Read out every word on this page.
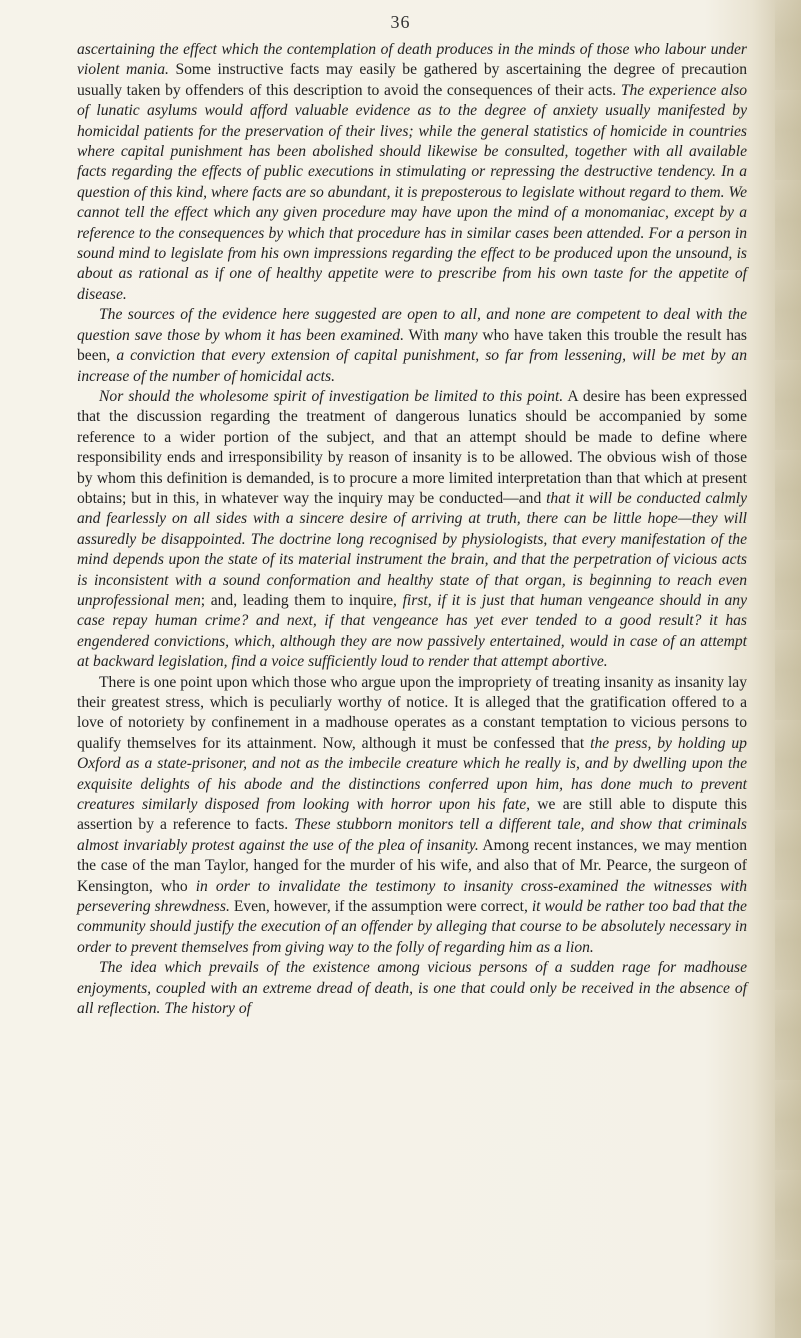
36

ascertaining the effect which the contemplation of death produces in the minds of those who labour under violent mania. Some instructive facts may easily be gathered by ascertaining the degree of precaution usually taken by offenders of this description to avoid the consequences of their acts. The experience also of lunatic asylums would afford valuable evidence as to the degree of anxiety usually manifested by homicidal patients for the preservation of their lives; while the general statistics of homicide in countries where capital punishment has been abolished should likewise be consulted, together with all available facts regarding the effects of public executions in stimulating or repressing the destructive tendency. In a question of this kind, where facts are so abundant, it is preposterous to legislate without regard to them. We cannot tell the effect which any given procedure may have upon the mind of a monomaniac, except by a reference to the consequences by which that procedure has in similar cases been attended. For a person in sound mind to legislate from his own impressions regarding the effect to be produced upon the unsound, is about as rational as if one of healthy appetite were to prescribe from his own taste for the appetite of disease.

The sources of the evidence here suggested are open to all, and none are competent to deal with the question save those by whom it has been examined. With many who have taken this trouble the result has been, a conviction that every extension of capital punishment, so far from lessening, will be met by an increase of the number of homicidal acts.

Nor should the wholesome spirit of investigation be limited to this point. A desire has been expressed that the discussion regarding the treatment of dangerous lunatics should be accompanied by some reference to a wider portion of the subject, and that an attempt should be made to define where responsibility ends and irresponsibility by reason of insanity is to be allowed. The obvious wish of those by whom this definition is demanded, is to procure a more limited interpretation than that which at present obtains; but in this, in whatever way the inquiry may be conducted—and that it will be conducted calmly and fearlessly on all sides with a sincere desire of arriving at truth, there can be little hope—they will assuredly be disappointed. The doctrine long recognised by physiologists, that every manifestation of the mind depends upon the state of its material instrument the brain, and that the perpetration of vicious acts is inconsistent with a sound conformation and healthy state of that organ, is beginning to reach even unprofessional men; and, leading them to inquire, first, if it is just that human vengeance should in any case repay human crime? and next, if that vengeance has yet ever tended to a good result? it has engendered convictions, which, although they are now passively entertained, would in case of an attempt at backward legislation, find a voice sufficiently loud to render that attempt abortive.

There is one point upon which those who argue upon the impropriety of treating insanity as insanity lay their greatest stress, which is peculiarly worthy of notice. It is alleged that the gratification offered to a love of notoriety by confinement in a madhouse operates as a constant temptation to vicious persons to qualify themselves for its attainment. Now, although it must be confessed that the press, by holding up Oxford as a state-prisoner, and not as the imbecile creature which he really is, and by dwelling upon the exquisite delights of his abode and the distinctions conferred upon him, has done much to prevent creatures similarly disposed from looking with horror upon his fate, we are still able to dispute this assertion by a reference to facts. These stubborn monitors tell a different tale, and show that criminals almost invariably protest against the use of the plea of insanity. Among recent instances, we may mention the case of the man Taylor, hanged for the murder of his wife, and also that of Mr. Pearce, the surgeon of Kensington, who in order to invalidate the testimony to insanity cross-examined the witnesses with persevering shrewdness. Even, however, if the assumption were correct, it would be rather too bad that the community should justify the execution of an offender by alleging that course to be absolutely necessary in order to prevent themselves from giving way to the folly of regarding him as a lion.

The idea which prevails of the existence among vicious persons of a sudden rage for madhouse enjoyments, coupled with an extreme dread of death, is one that could only be received in the absence of all reflection. The history of
